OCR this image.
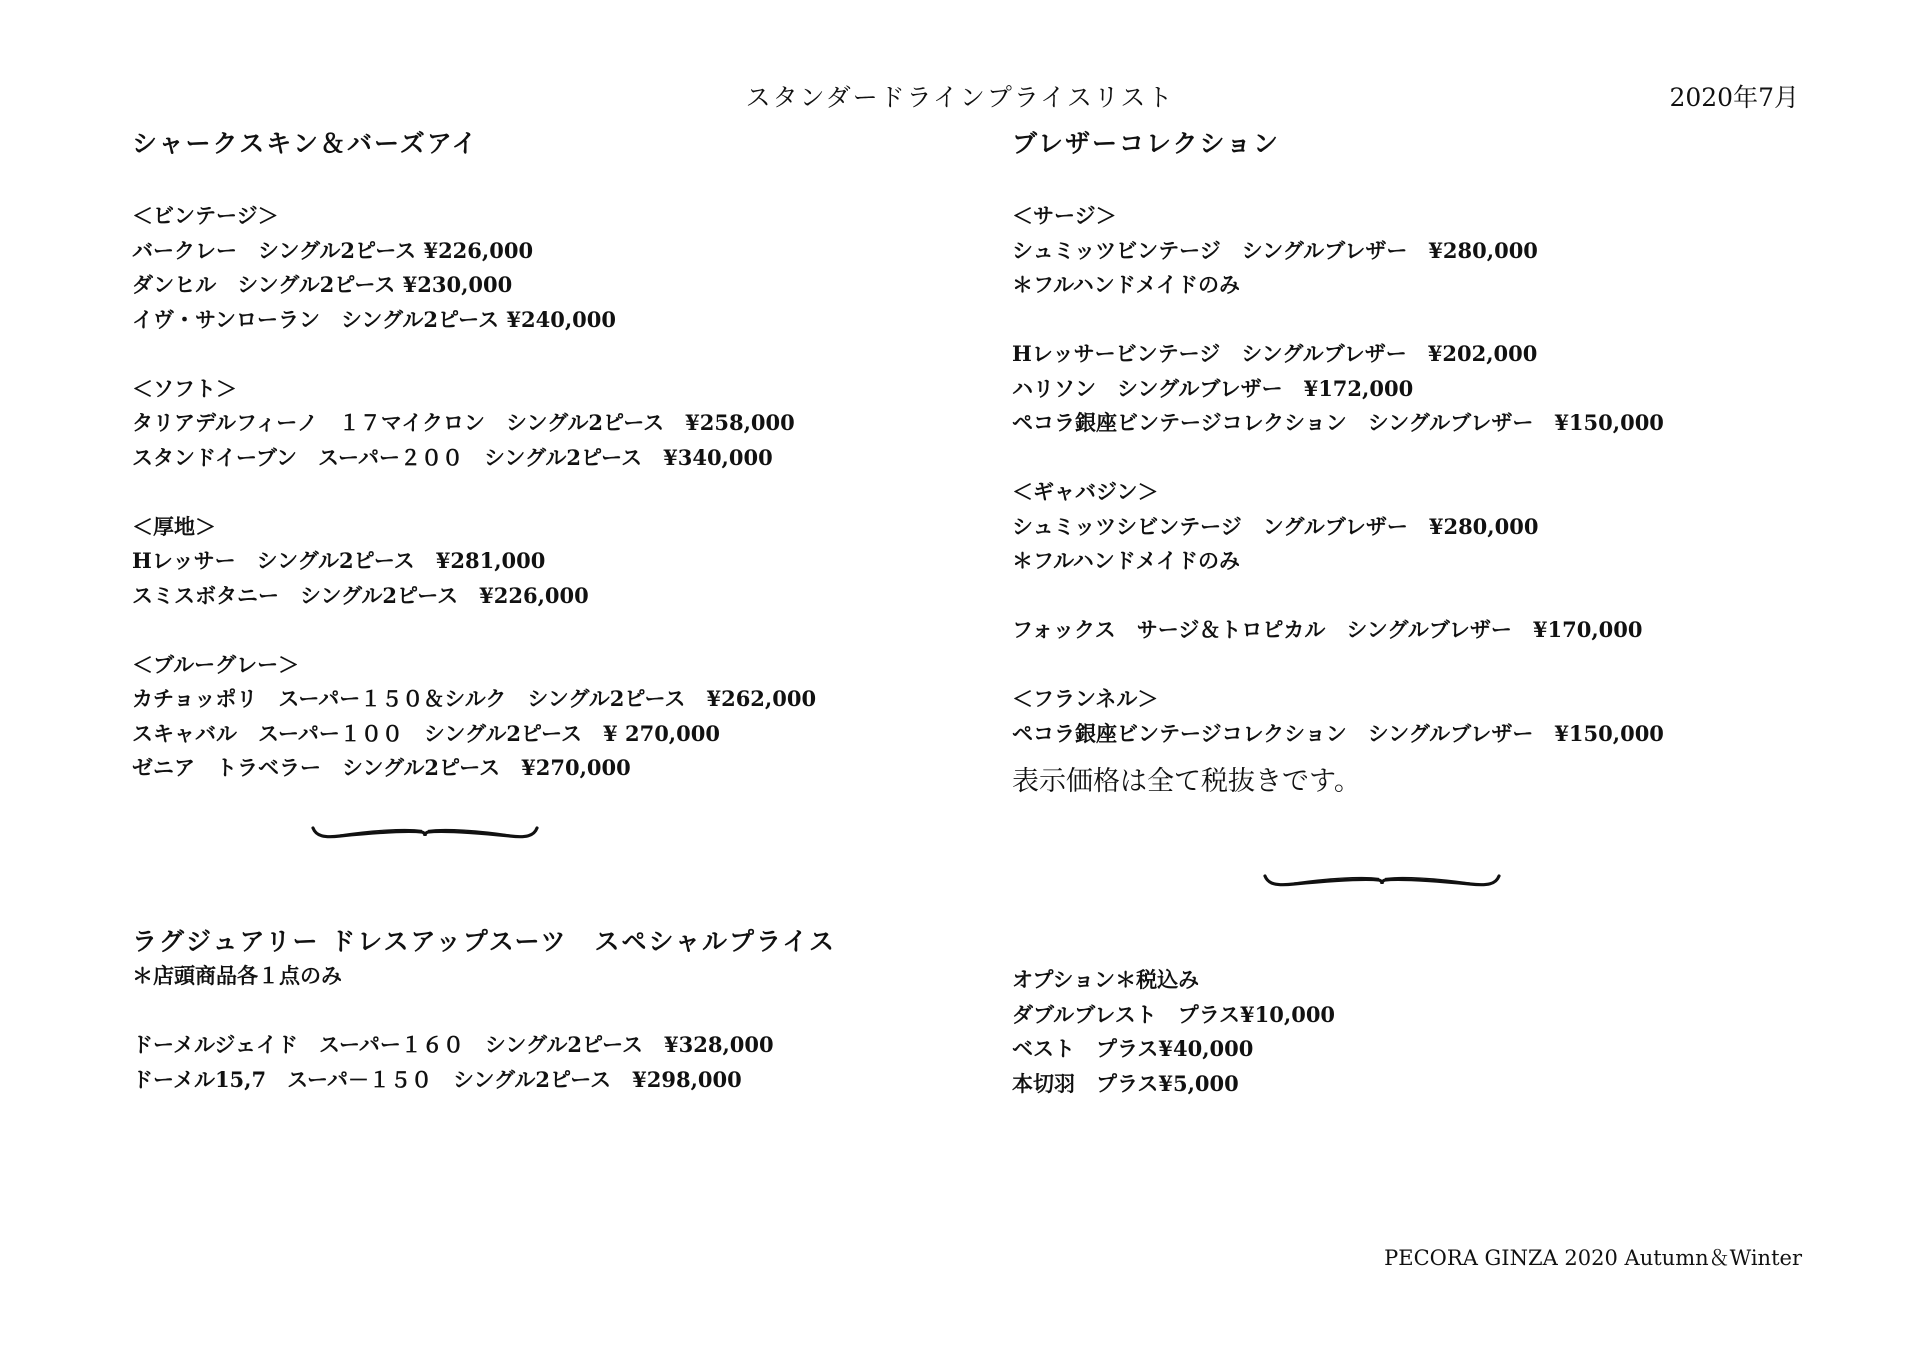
スタンダードラインプライスリスト	2020年7月
シャークスキン＆バーズアイ
＜ビンテージ＞
バークレー　シングル2ピース ¥226,000
ダンヒル　シングル2ピース ¥230,000
イヴ・サンローラン　シングル2ピース ¥240,000
＜ソフト＞
タリアデルフィーノ　１７マイクロン　シングル2ピース　¥258,000
スタンドイーブン　スーパー２００　シングル2ピース　¥340,000
＜厚地＞
Hレッサー　シングル2ピース　¥281,000
スミスボタニー　シングル2ピース　¥226,000
＜ブルーグレー＞
カチョッポリ　スーパー１５０＆シルク　シングル2ピース　¥262,000
スキャバル　スーパー１００　シングル2ピース　¥ 270,000
ゼニア　トラベラー　シングル2ピース　¥270,000
ブレザーコレクション
＜サージ＞
シュミッツビンテージ　シングルブレザー　¥280,000
＊フルハンドメイドのみ
Hレッサービンテージ　シングルブレザー　¥202,000
ハリソン　シングルブレザー　¥172,000
ペコラ銀座ビンテージコレクション　シングルブレザー　¥150,000
＜ギャバジン＞
シュミッツシビンテージ　ングルブレザー　¥280,000
＊フルハンドメイドのみ
フォックス　サージ＆トロピカル　シングルブレザー　¥170,000
＜フランネル＞
ペコラ銀座ビンテージコレクション　シングルブレザー　¥150,000
表示価格は全て税抜きです。
ラグジュアリー ドレスアップスーツ　スペシャルプライス
＊店頭商品各１点のみ
ドーメルジェイド　スーパー１６０　シングル2ピース　¥328,000
ドーメル15,7　スーパ－１５０　シングル2ピース　¥298,000
オプション＊税込み
ダブルブレスト　プラス¥10,000
ベスト　プラス¥40,000
本切羽　プラス¥5,000
PECORA GINZA 2020 Autumn＆Winter
